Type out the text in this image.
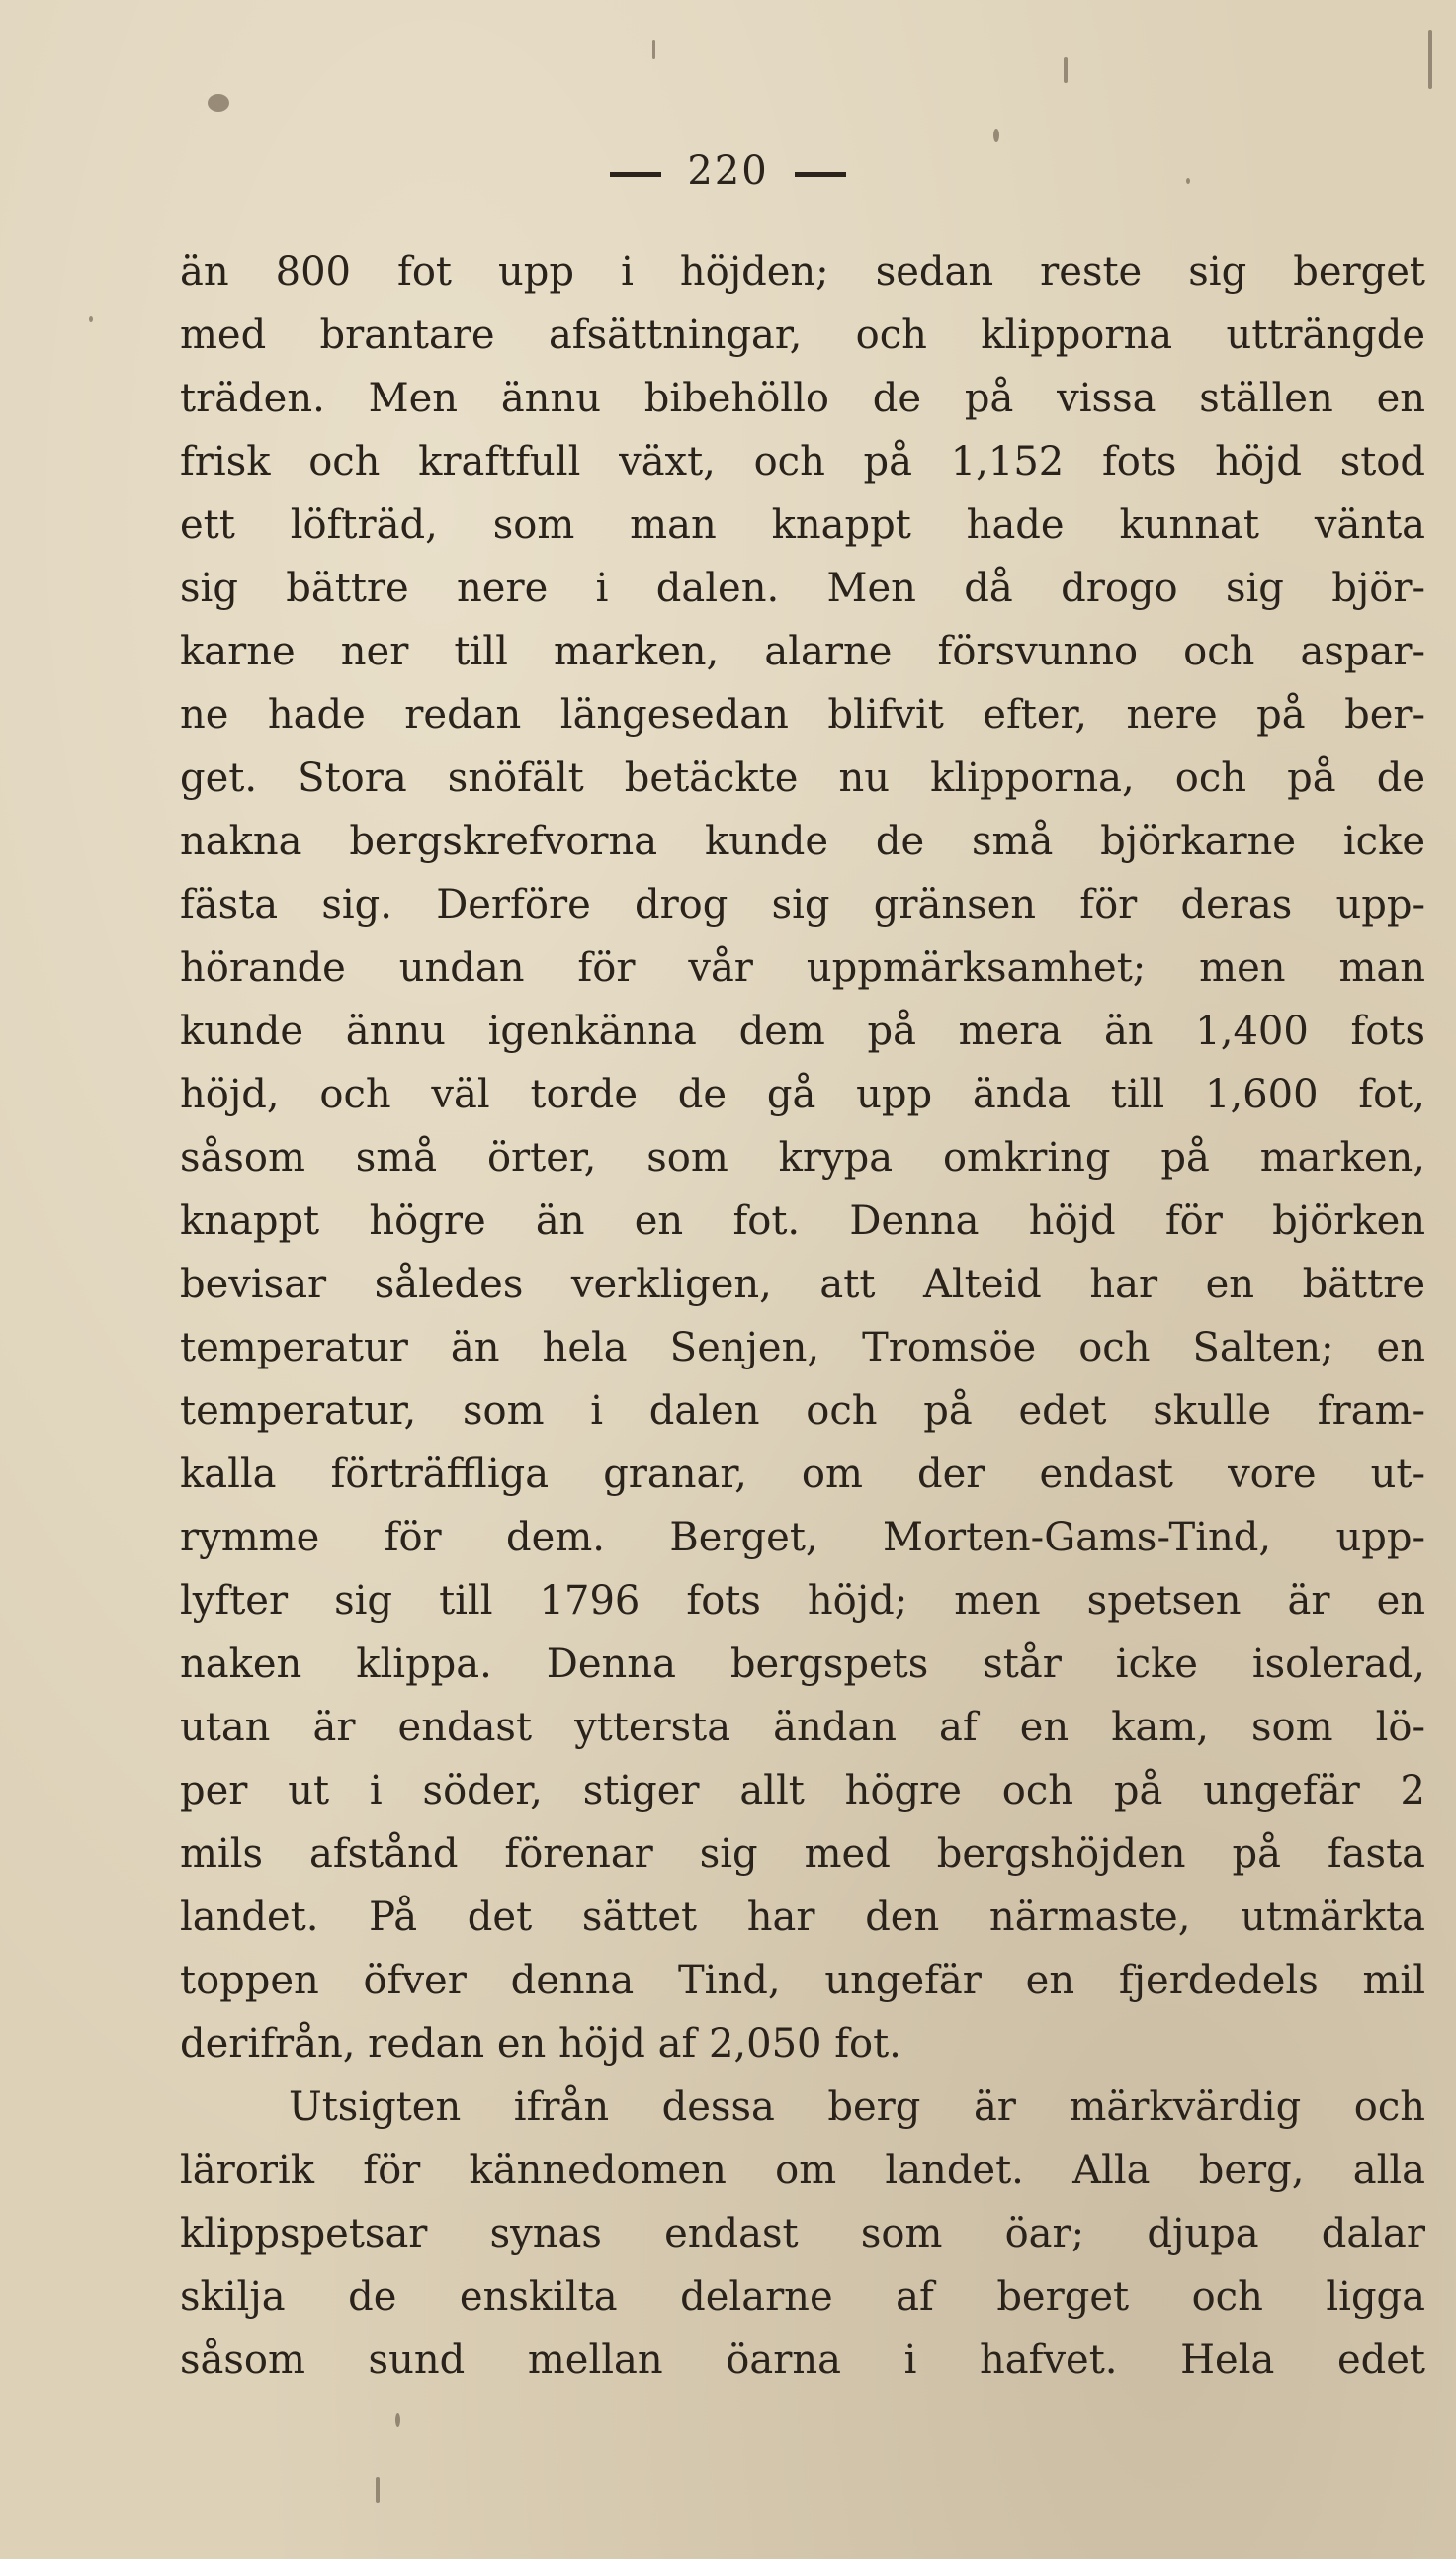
220
än 800 fot upp i höjden; sedan reste sig berget
med brantare afsättningar, och klipporna utträngde
träden. Men ännu bibehöllo de på vissa ställen en
frisk och kraftfull växt, och på 1,152 fots höjd stod
ett löfträd, som man knappt hade kunnat vänta
sig bättre nere i dalen. Men då drogo sig björ-
karne ner till marken, alarne försvunno och aspar-
ne hade redan längesedan blifvit efter, nere på ber-
get. Stora snöfält betäckte nu klipporna, och på de
nakna bergskrefvorna kunde de små björkarne icke
fästa sig. Derföre drog sig gränsen för deras upp-
hörande undan för vår uppmärksamhet; men man
kunde ännu igenkänna dem på mera än 1,400 fots
höjd, och väl torde de gå upp ända till 1,600 fot,
såsom små örter, som krypa omkring på marken,
knappt högre än en fot. Denna höjd för björken
bevisar således verkligen, att Alteid har en bättre
temperatur än hela Senjen, Tromsöe och Salten; en
temperatur, som i dalen och på edet skulle fram-
kalla förträffliga granar, om der endast vore ut-
rymme för dem. Berget, Morten-Gams-Tind, upp-
lyfter sig till 1796 fots höjd; men spetsen är en
naken klippa. Denna bergspets står icke isolerad,
utan är endast yttersta ändan af en kam, som lö-
per ut i söder, stiger allt högre och på ungefär 2
mils afstånd förenar sig med bergshöjden på fasta
landet. På det sättet har den närmaste, utmärkta
toppen öfver denna Tind, ungefär en fjerdedels mil
derifrån, redan en höjd af 2,050 fot.
Utsigten ifrån dessa berg är märkvärdig och
lärorik för kännedomen om landet. Alla berg, alla
klippspetsar synas endast som öar; djupa dalar
skilja de enskilta delarne af berget och ligga
såsom sund mellan öarna i hafvet. Hela edet
